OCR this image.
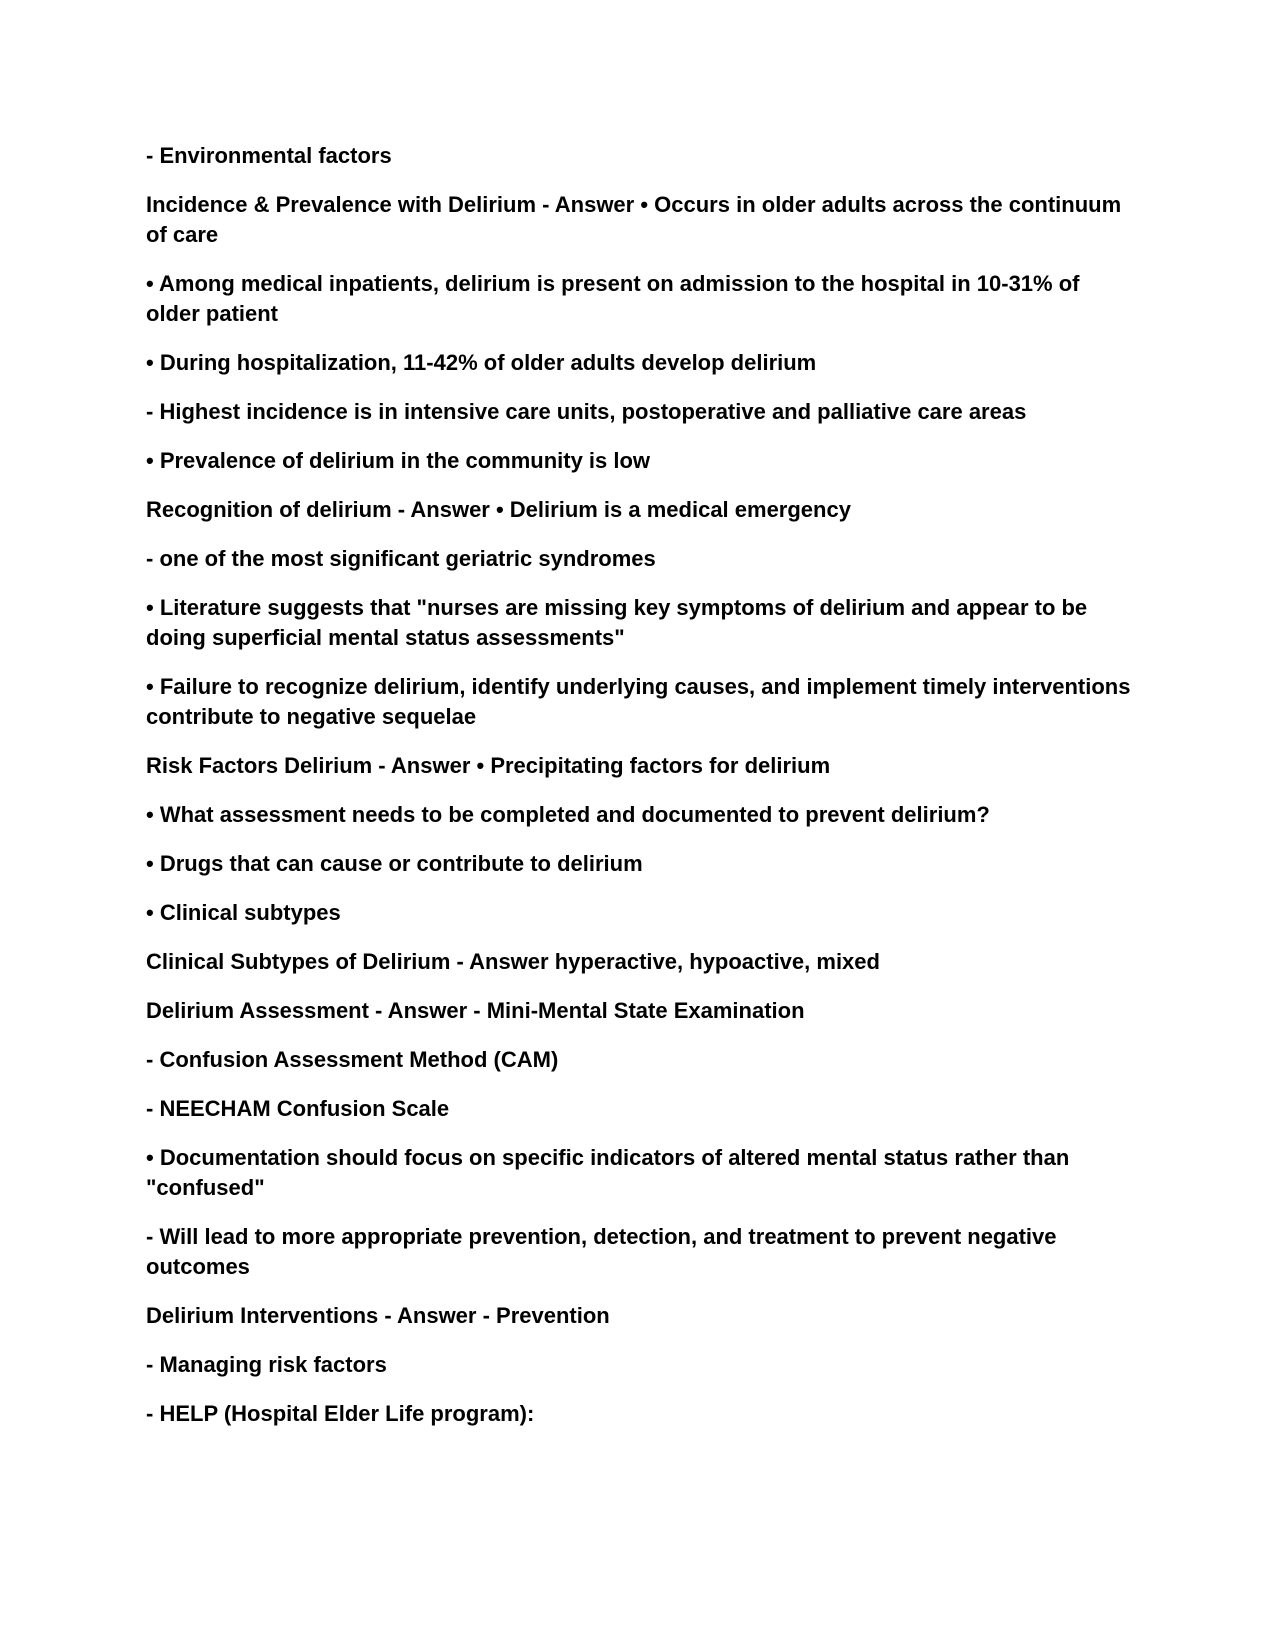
- Environmental factors

Incidence & Prevalence with Delirium - Answer • Occurs in older adults across the continuum of care

• Among medical inpatients, delirium is present on admission to the hospital in 10-31% of older patient

• During hospitalization, 11-42% of older adults develop delirium

- Highest incidence is in intensive care units, postoperative and palliative care areas

• Prevalence of delirium in the community is low

Recognition of delirium - Answer • Delirium is a medical emergency

- one of the most significant geriatric syndromes

• Literature suggests that "nurses are missing key symptoms of delirium and appear to be doing superficial mental status assessments"

• Failure to recognize delirium, identify underlying causes, and implement timely interventions contribute to negative sequelae

Risk Factors Delirium - Answer • Precipitating factors for delirium

• What assessment needs to be completed and documented to prevent delirium?

• Drugs that can cause or contribute to delirium

• Clinical subtypes

Clinical Subtypes of Delirium - Answer hyperactive, hypoactive, mixed

Delirium Assessment - Answer - Mini-Mental State Examination

- Confusion Assessment Method (CAM)

- NEECHAM Confusion Scale

• Documentation should focus on specific indicators of altered mental status rather than "confused"

- Will lead to more appropriate prevention, detection, and treatment to prevent negative outcomes

Delirium Interventions - Answer - Prevention

- Managing risk factors

- HELP (Hospital Elder Life program):
